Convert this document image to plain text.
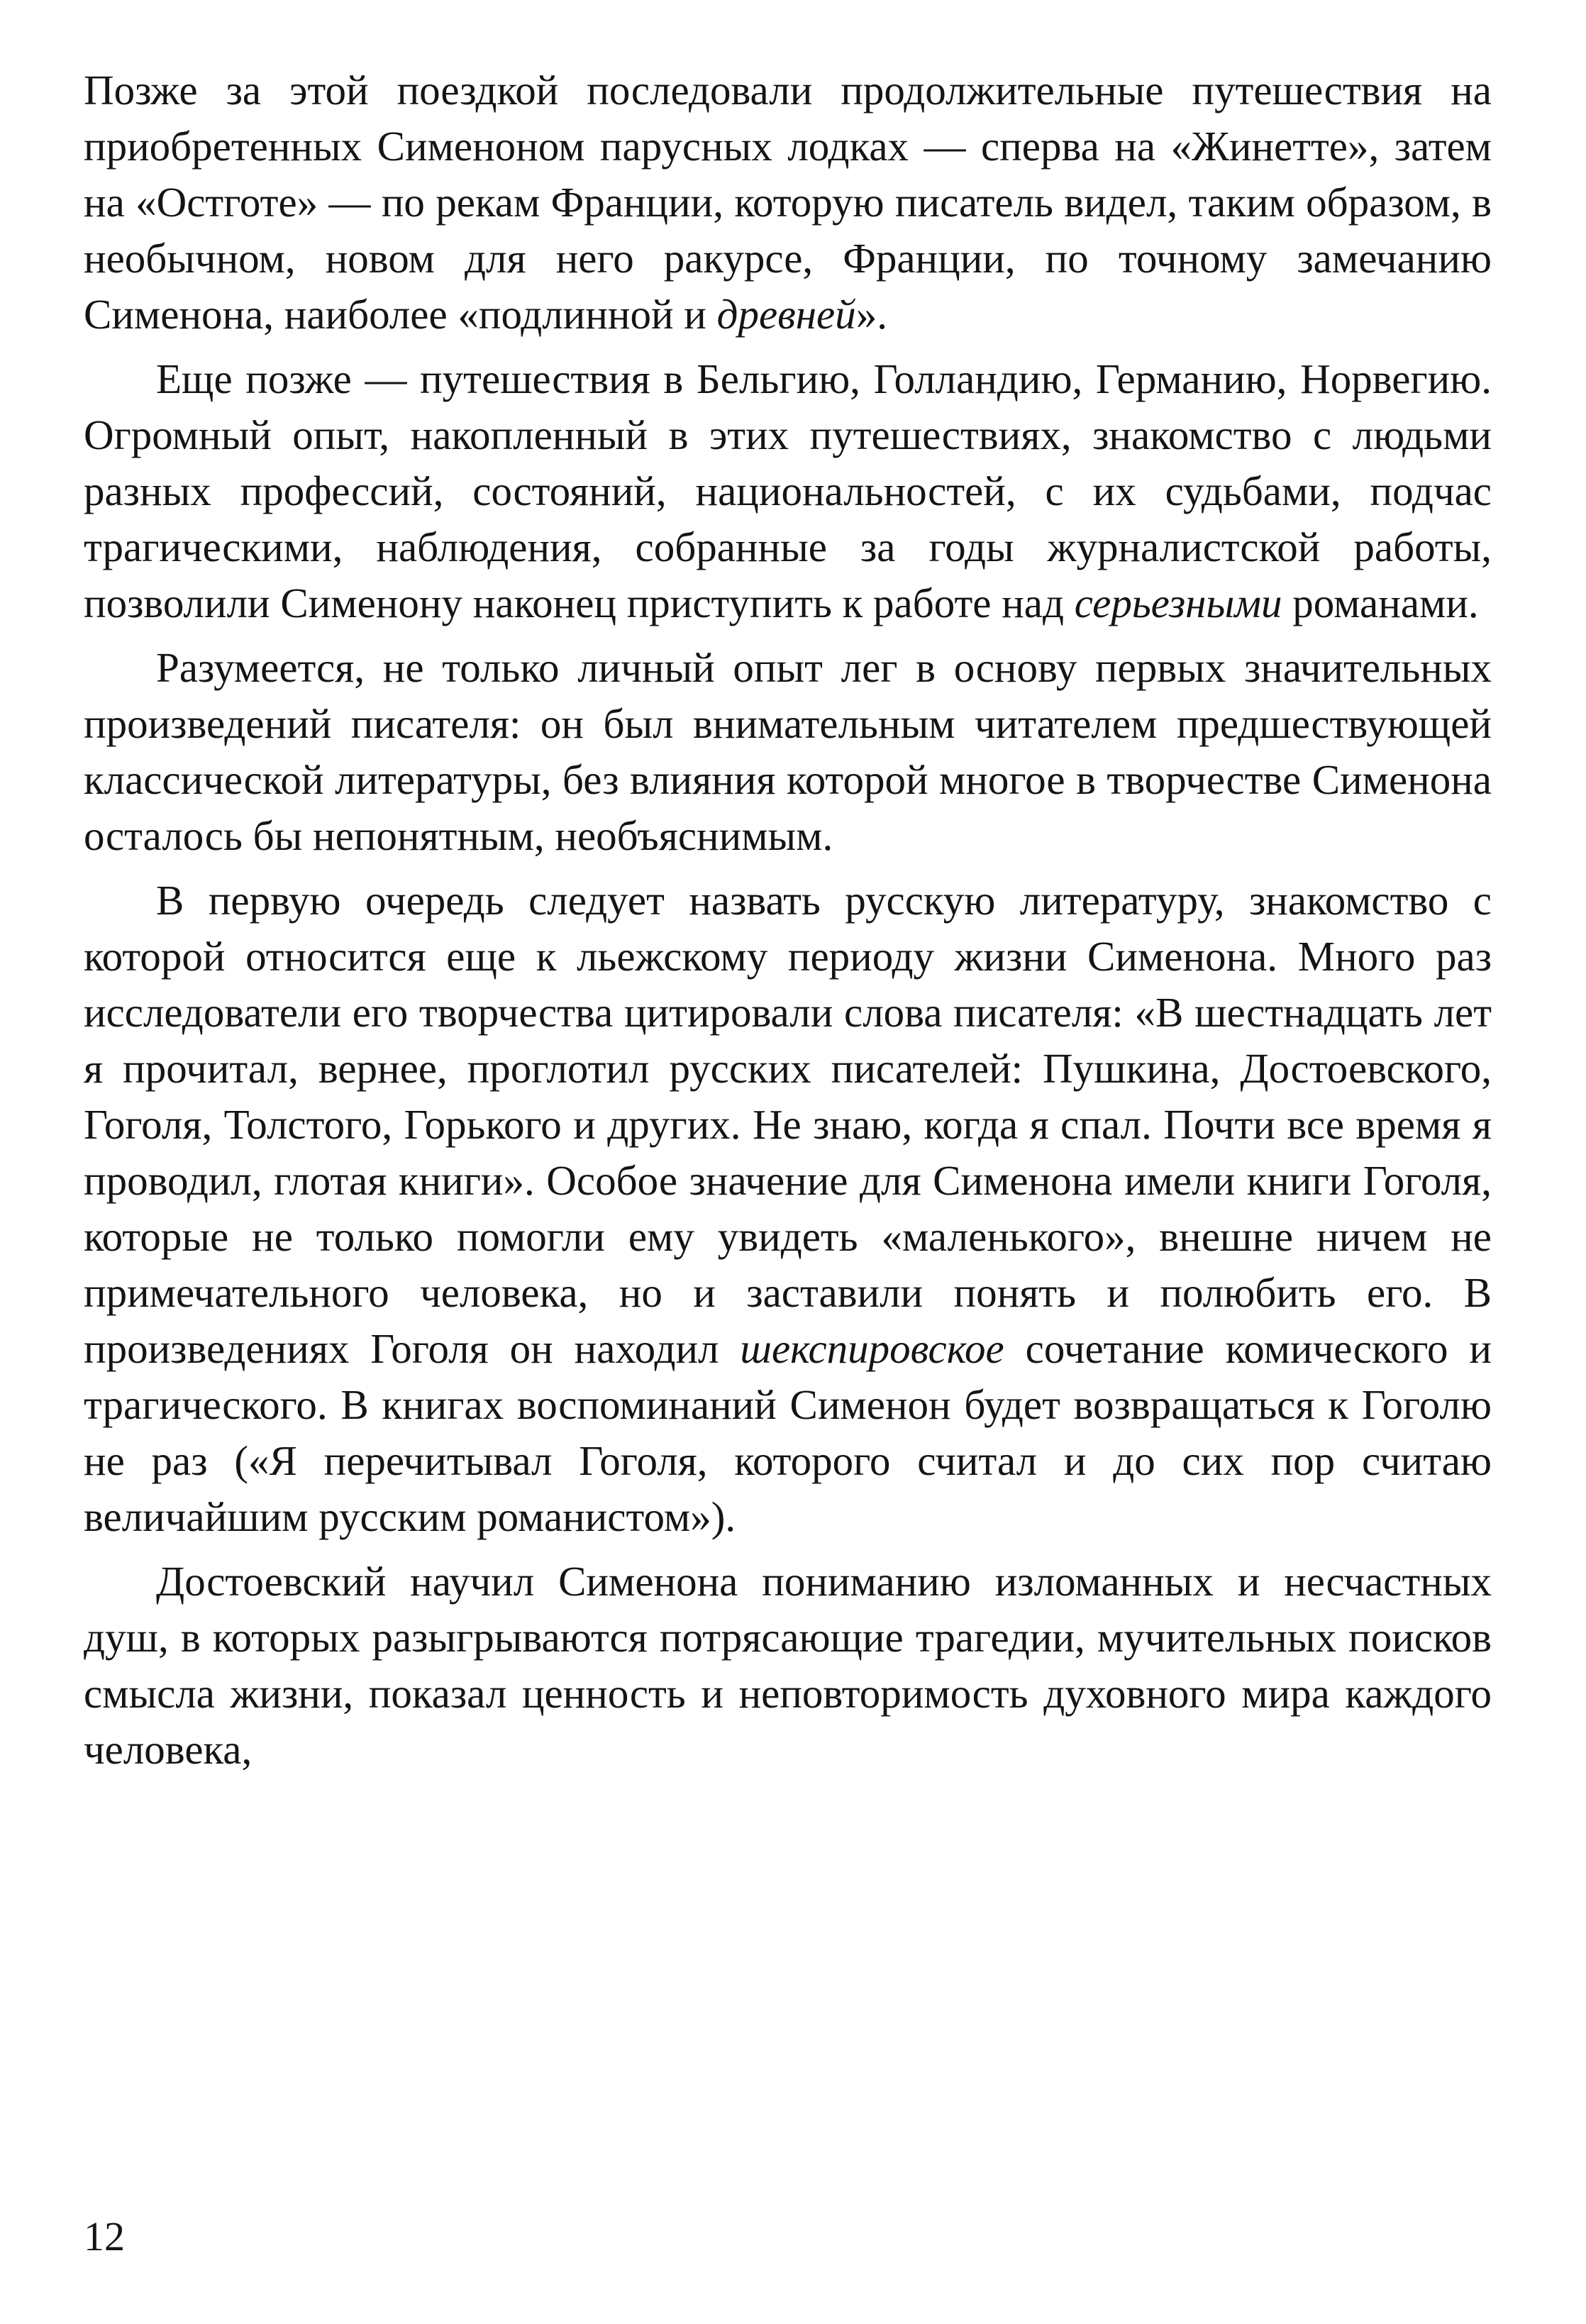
Позже за этой поездкой последовали продолжительные путешествия на приобретенных Сименоном парусных лодках — сперва на «Жинетте», затем на «Остготе» — по рекам Франции, которую писатель видел, таким образом, в необычном, новом для него ракурсе, Франции, по точному замечанию Сименона, наиболее «подлинной и древней».

Еще позже — путешествия в Бельгию, Голландию, Германию, Норвегию. Огромный опыт, накопленный в этих путешествиях, знакомство с людьми разных профессий, состояний, национальностей, с их судьбами, подчас трагическими, наблюдения, собранные за годы журналистской работы, позволили Сименону наконец приступить к работе над серьезными романами.

Разумеется, не только личный опыт лег в основу первых значительных произведений писателя: он был внимательным читателем предшествующей классической литературы, без влияния которой многое в творчестве Сименона осталось бы непонятным, необъяснимым.

В первую очередь следует назвать русскую литературу, знакомство с которой относится еще к льежскому периоду жизни Сименона. Много раз исследователи его творчества цитировали слова писателя: «В шестнадцать лет я прочитал, вернее, проглотил русских писателей: Пушкина, Достоевского, Гоголя, Толстого, Горького и других. Не знаю, когда я спал. Почти все время я проводил, глотая книги». Особое значение для Сименона имели книги Гоголя, которые не только помогли ему увидеть «маленького», внешне ничем не примечательного человека, но и заставили понять и полюбить его. В произведениях Гоголя он находил шекспировское сочетание комического и трагического. В книгах воспоминаний Сименон будет возвращаться к Гоголю не раз («Я перечитывал Гоголя, которого считал и до сих пор считаю величайшим русским романистом»).

Достоевский научил Сименона пониманию изломанных и несчастных душ, в которых разыгрываются потрясающие трагедии, мучительных поисков смысла жизни, показал ценность и неповторимость духовного мира каждого человека,

12
